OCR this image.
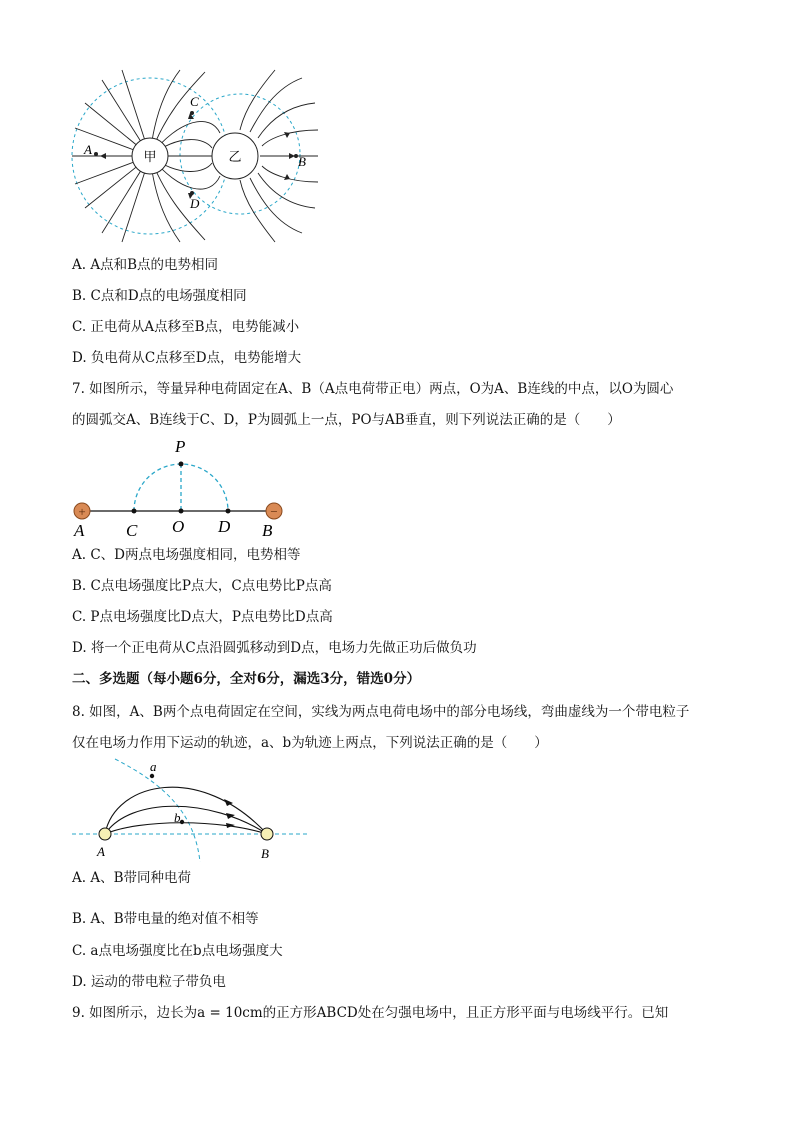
甲	乙
A
B
C
D
A. A点和B点的电势相同
B. C点和D点的电场强度相同
C. 正电荷从A点移至B点，电势能减小
D. 负电荷从C点移至D点，电势能增大
7. 如图所示，等量异种电荷固定在A、B（A点电荷带正电）两点，O为A、B连线的中点，以O为圆心
的圆弧交A、B连线于C、D，P为圆弧上一点，PO与AB垂直，则下列说法正确的是（　　）
+	−
P
A C O D B
A. C、D两点电场强度相同，电势相等
B. C点电场强度比P点大，C点电势比P点高
C. P点电场强度比D点大，P点电势比D点高
D. 将一个正电荷从C点沿圆弧移动到D点，电场力先做正功后做负功
二、多选题（每小题6分，全对6分，漏选3分，错选0分）
8. 如图，A、B两个点电荷固定在空间，实线为两点电荷电场中的部分电场线，弯曲虚线为一个带电粒子
仅在电场力作用下运动的轨迹，a、b为轨迹上两点，下列说法正确的是（　　）
a
b
A	B
A. A、B带同种电荷
B. A、B带电量的绝对值不相等
C. a点电场强度比在b点电场强度大
D. 运动的带电粒子带负电
9. 如图所示，边长为a = 10cm的正方形ABCD处在匀强电场中，且正方形平面与电场线平行。已知
